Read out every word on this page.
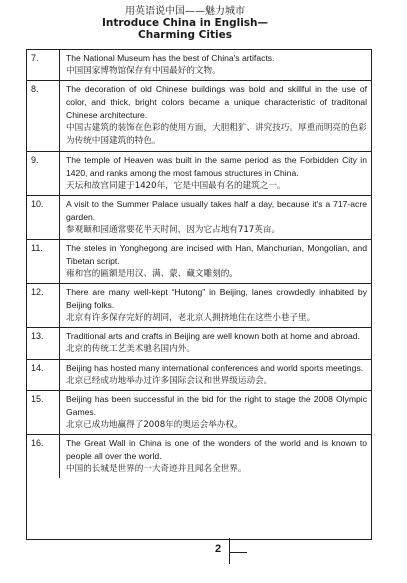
用英语说中国——魅力城市
Introduce China in English—Charming Cities
7.	The National Museum has the best of China's artifacts.

中国国家博物馆保存有中国最好的文物。

8.	The decoration of old Chinese buildings was bold and skillful in the use of color, and thick, bright colors became a unique characteristic of traditonal Chinese architecture.

中国古建筑的装饰在色彩的使用方面，大胆粗犷、讲究技巧。厚重而明亮的色彩为传统中国建筑的特色。

9.	The temple of Heaven was built in the same period as the Forbidden City in 1420, and ranks among the most famous structures in China.

天坛和故宫同建于1420年，它是中国最有名的建筑之一。

10.	A visit to the Summer Palace usually takes half a day, because it's a 717-acre garden.

参观颐和园通常要花半天时间，因为它占地有717英亩。

11.	The steles in Yonghegong are incised with Han, Manchurian, Mongolian, and Tibetan script.

雍和宫的匾额是用汉、满、蒙、藏文雕刻的。

12.	There are many well-kept “Hutong” in Beijing, lanes crowdedly inhabited by Beijing folks.

北京有许多保存完好的胡同，老北京人拥挤地住在这些小巷子里。

13.	Traditional arts and crafts in Beijing are well known both at home and abroad.

北京的传统工艺美术驰名国内外。

14.	Beijing has hosted many international conferences and world sports meetings.

北京已经成功地举办过许多国际会议和世界级运动会。

15.	Beijing has been successful in the bid for the right to stage the 2008 Olympic Games.

北京已成功地赢得了2008年的奥运会举办权。

16.	The Great Wall in China is one of the wonders of the world and is known to people all over the world.

中国的长城是世界的一大奇迹并且闻名全世界。

2
